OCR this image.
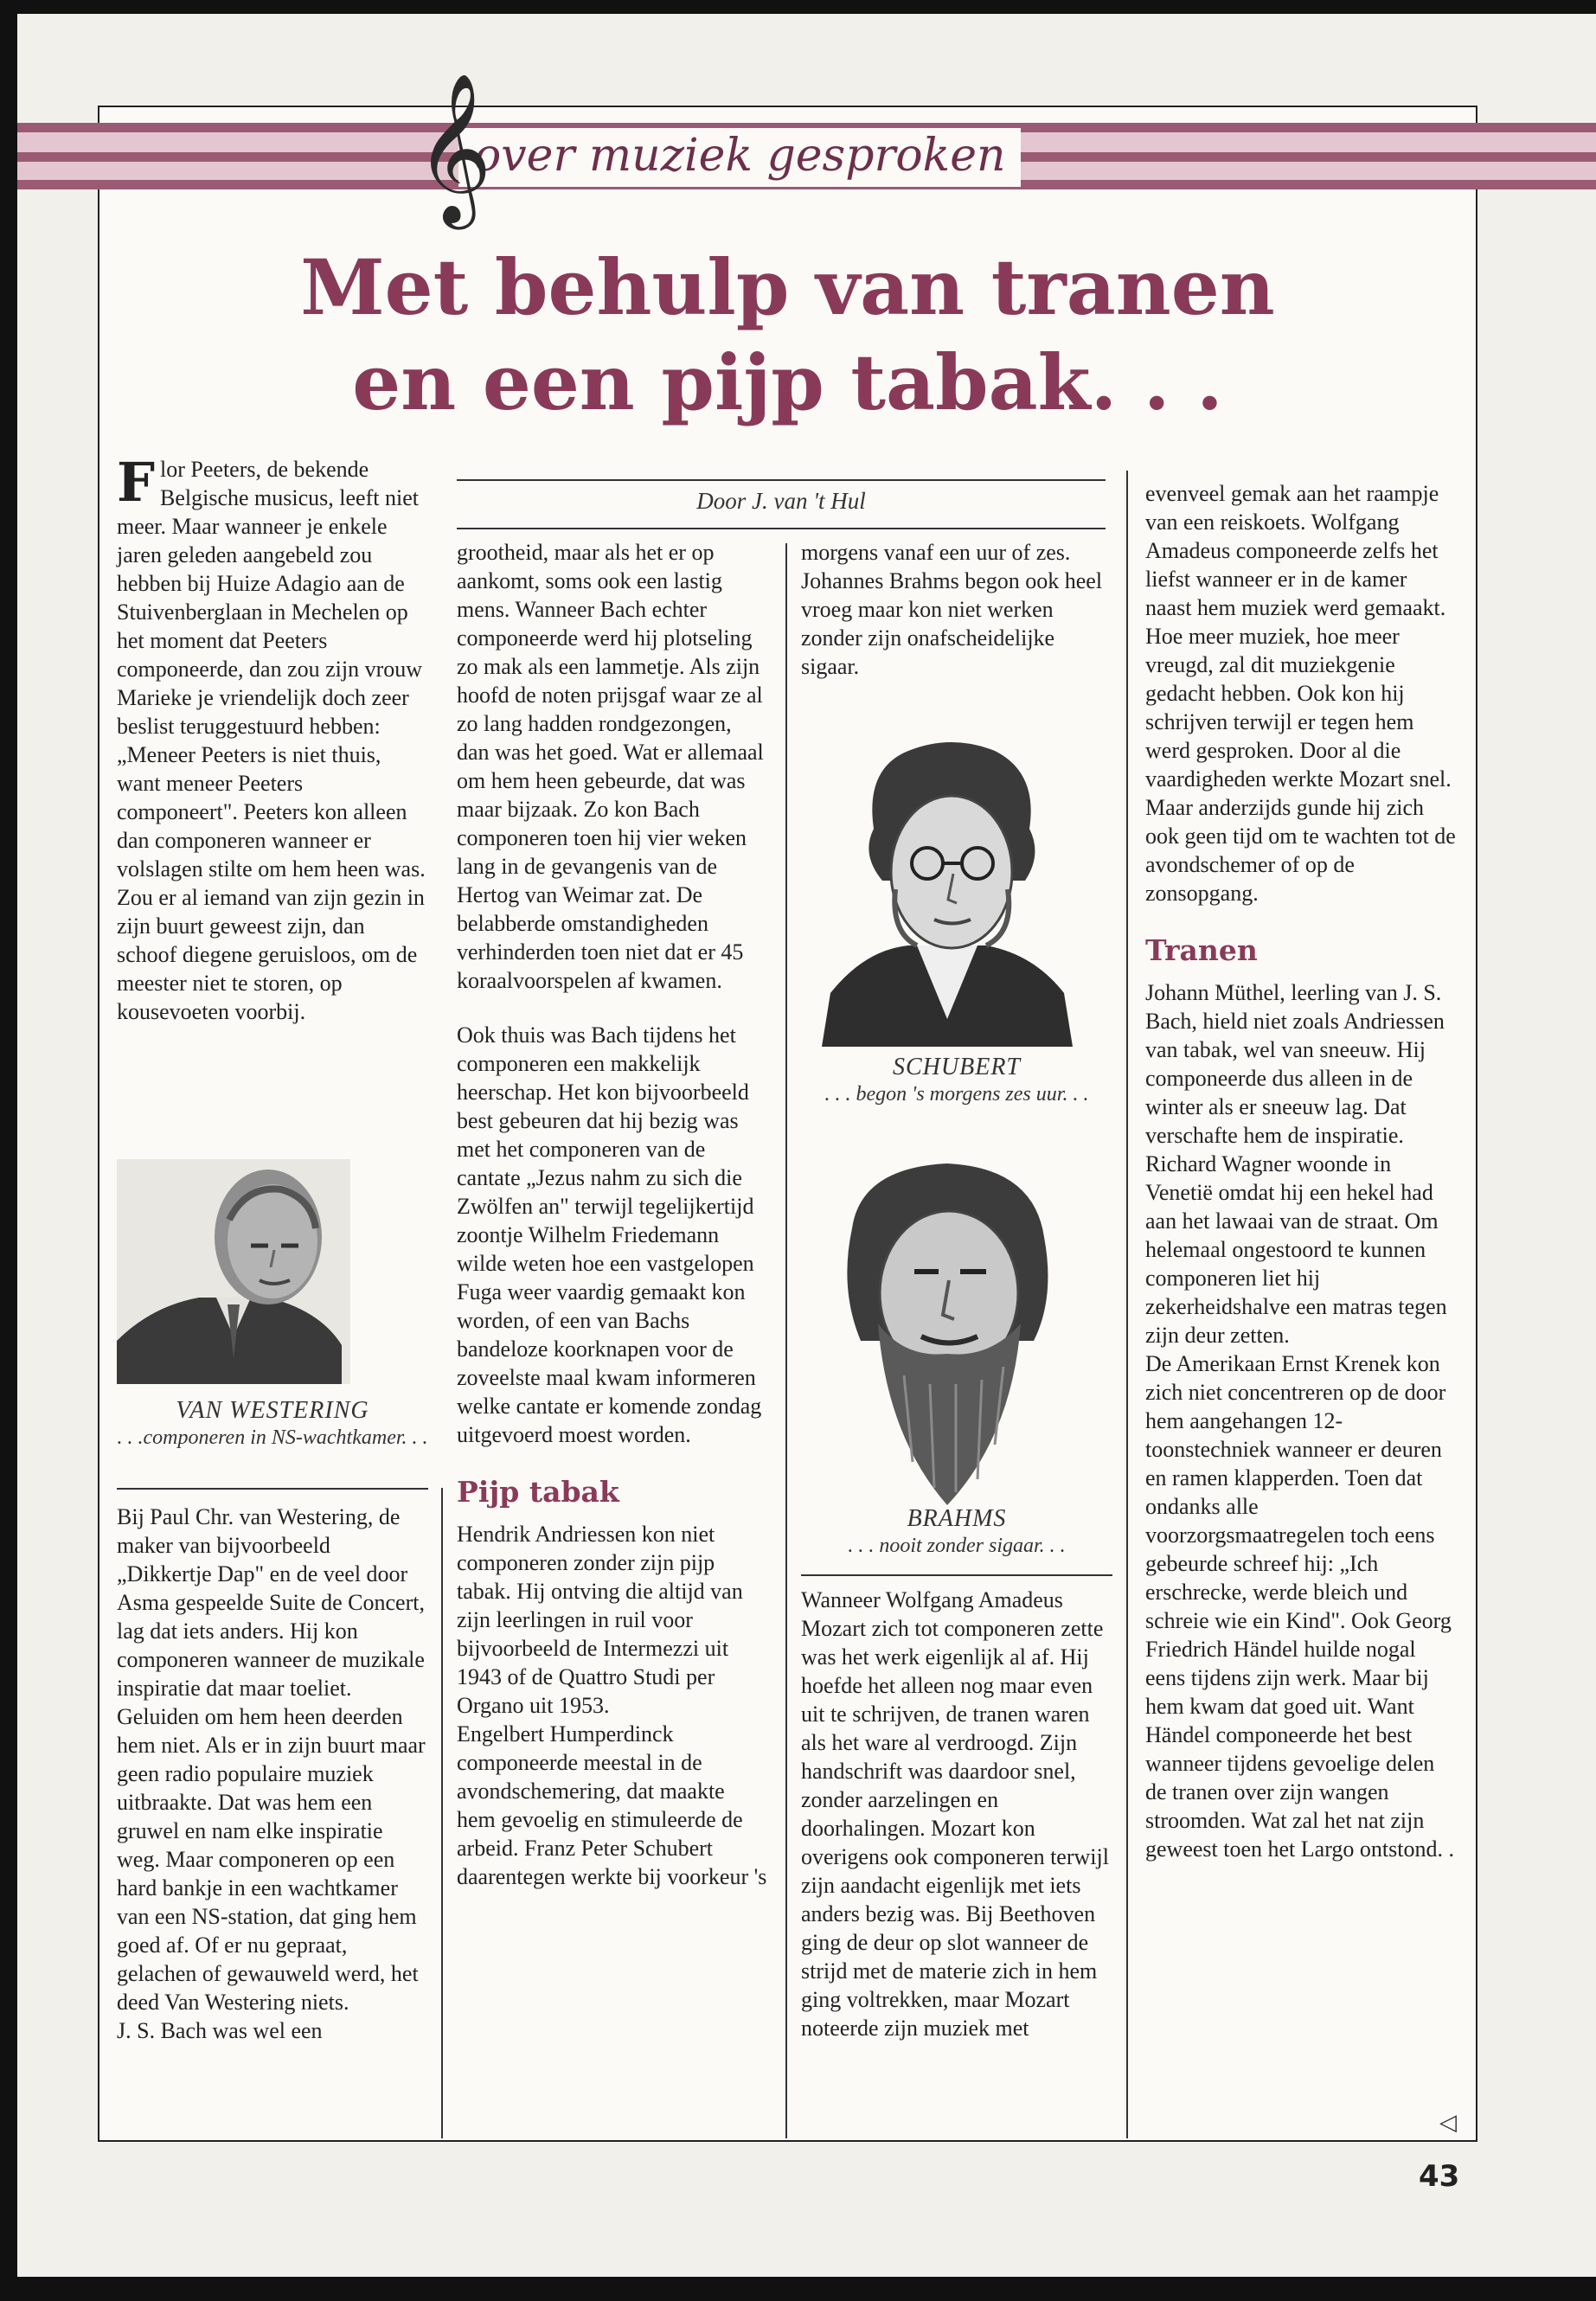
over muziek gesproken
𝄞
Met behulp van tranen
en een pijp tabak. . .
Door J. van 't Hul

Flor Peeters, de bekende Belgische musicus, leeft niet meer. Maar wanneer je enkele jaren geleden aangebeld zou hebben bij Huize Adagio aan de Stuivenberglaan in Mechelen op het moment dat Peeters componeerde, dan zou zijn vrouw Marieke je vriendelijk doch zeer beslist teruggestuurd hebben: „Meneer Peeters is niet thuis, want meneer Peeters componeert". Peeters kon alleen dan componeren wanneer er volslagen stilte om hem heen was. Zou er al iemand van zijn gezin in zijn buurt geweest zijn, dan schoof diegene geruisloos, om de meester niet te storen, op kousevoeten voorbij.

VAN WESTERING
. . .componeren in NS-wachtkamer. . .

Bij Paul Chr. van Westering, de maker van bijvoorbeeld „Dikkertje Dap" en de veel door Asma gespeelde Suite de Concert, lag dat iets anders. Hij kon componeren wanneer de muzikale inspiratie dat maar toeliet. Geluiden om hem heen deerden hem niet. Als er in zijn buurt maar geen radio populaire muziek uitbraakte. Dat was hem een gruwel en nam elke inspiratie weg. Maar componeren op een hard bankje in een wachtkamer van een NS-station, dat ging hem goed af. Of er nu gepraat, gelachen of gewauweld werd, het deed Van Westering niets.

J. S. Bach was wel een

grootheid, maar als het er op aankomt, soms ook een lastig mens. Wanneer Bach echter componeerde werd hij plotseling zo mak als een lammetje. Als zijn hoofd de noten prijsgaf waar ze al zo lang hadden rondgezongen, dan was het goed. Wat er allemaal om hem heen gebeurde, dat was maar bijzaak. Zo kon Bach componeren toen hij vier weken lang in de gevangenis van de Hertog van Weimar zat. De belabberde omstandigheden verhinderden toen niet dat er 45 koraalvoorspelen af kwamen.

Ook thuis was Bach tijdens het componeren een makkelijk heerschap. Het kon bijvoorbeeld best gebeuren dat hij bezig was met het componeren van de cantate „Jezus nahm zu sich die Zwölfen an" terwijl tegelijkertijd zoontje Wilhelm Friedemann wilde weten hoe een vastgelopen Fuga weer vaardig gemaakt kon worden, of een van Bachs bandeloze koorknapen voor de zoveelste maal kwam informeren welke cantate er komende zondag uitgevoerd moest worden.

Pijp tabak

Hendrik Andriessen kon niet componeren zonder zijn pijp tabak. Hij ontving die altijd van zijn leerlingen in ruil voor bijvoorbeeld de Intermezzi uit 1943 of de Quattro Studi per Organo uit 1953.

Engelbert Humperdinck componeerde meestal in de avondschemering, dat maakte hem gevoelig en stimuleerde de arbeid. Franz Peter Schubert daarentegen werkte bij voorkeur 's

morgens vanaf een uur of zes. Johannes Brahms begon ook heel vroeg maar kon niet werken zonder zijn onafscheidelijke sigaar.

SCHUBERT
. . . begon 's morgens zes uur. . .
BRAHMS
. . . nooit zonder sigaar. . .

Wanneer Wolfgang Amadeus Mozart zich tot componeren zette was het werk eigenlijk al af. Hij hoefde het alleen nog maar even uit te schrijven, de tranen waren als het ware al verdroogd. Zijn handschrift was daardoor snel, zonder aarzelingen en doorhalingen. Mozart kon overigens ook componeren terwijl zijn aandacht eigenlijk met iets anders bezig was. Bij Beethoven ging de deur op slot wanneer de strijd met de materie zich in hem ging voltrekken, maar Mozart noteerde zijn muziek met

evenveel gemak aan het raampje van een reiskoets. Wolfgang Amadeus componeerde zelfs het liefst wanneer er in de kamer naast hem muziek werd gemaakt. Hoe meer muziek, hoe meer vreugd, zal dit muziekgenie gedacht hebben. Ook kon hij schrijven terwijl er tegen hem werd gesproken. Door al die vaardigheden werkte Mozart snel. Maar anderzijds gunde hij zich ook geen tijd om te wachten tot de avondschemer of op de zonsopgang.

Tranen

Johann Müthel, leerling van J. S. Bach, hield niet zoals Andriessen van tabak, wel van sneeuw. Hij componeerde dus alleen in de winter als er sneeuw lag. Dat verschafte hem de inspiratie.

Richard Wagner woonde in Venetië omdat hij een hekel had aan het lawaai van de straat. Om helemaal ongestoord te kunnen componeren liet hij zekerheidshalve een matras tegen zijn deur zetten.

De Amerikaan Ernst Krenek kon zich niet concentreren op de door hem aangehangen 12-toonstechniek wanneer er deuren en ramen klapperden. Toen dat ondanks alle voorzorgsmaatregelen toch eens gebeurde schreef hij: „Ich erschrecke, werde bleich und schreie wie ein Kind". Ook Georg Friedrich Händel huilde nogal eens tijdens zijn werk. Maar bij hem kwam dat goed uit. Want Händel componeerde het best wanneer tijdens gevoelige delen de tranen over zijn wangen stroomden. Wat zal het nat zijn geweest toen het Largo ontstond. .

◁
43
